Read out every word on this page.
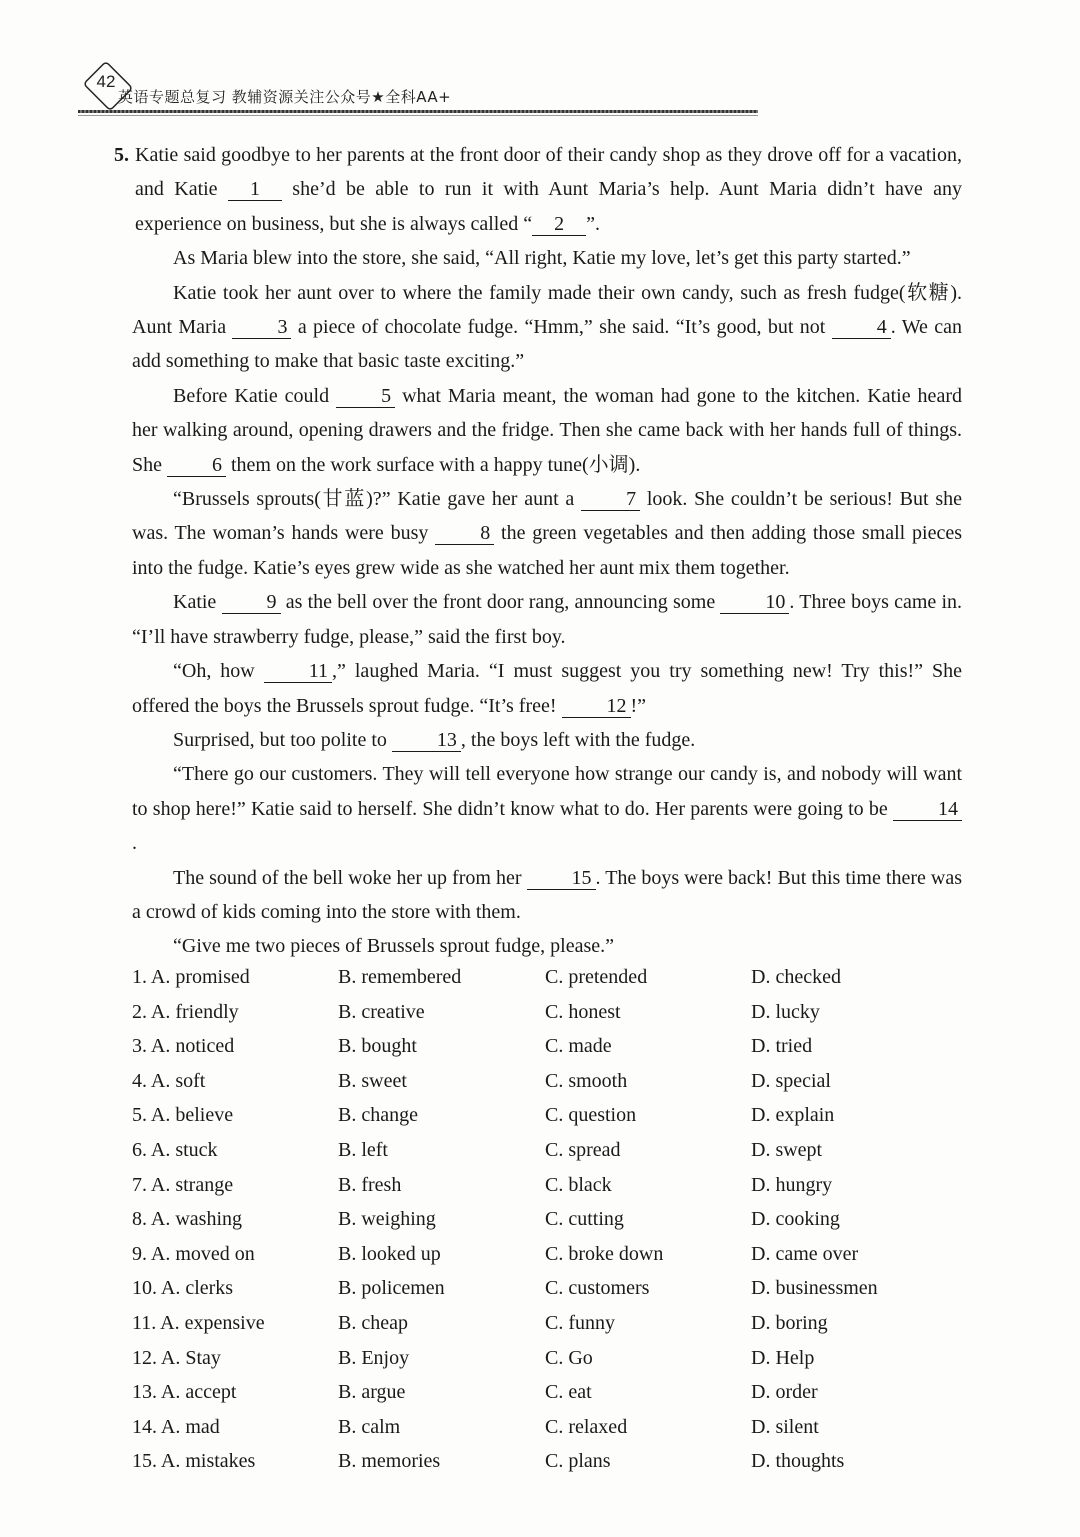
42
英语专题总复习 教辅资源关注公众号★全科AA+
5. Katie said goodbye to her parents at the front door of their candy shop as they drove off for a vacation, and Katie 1 she’d be able to run it with Aunt Maria’s help. Aunt Maria didn’t have any experience on business, but she is always called “ 2 ”.

As Maria blew into the store, she said, “All right, Katie my love, let’s get this party started.”

Katie took her aunt over to where the family made their own candy, such as fresh fudge(软糖). Aunt Maria 3 a piece of chocolate fudge. “Hmm,” she said. “It’s good, but not 4 . We can add something to make that basic taste exciting.”

Before Katie could 5 what Maria meant, the woman had gone to the kitchen. Katie heard her walking around, opening drawers and the fridge. Then she came back with her hands full of things. She 6 them on the work surface with a happy tune(小调).

“Brussels sprouts(甘蓝)?” Katie gave her aunt a 7 look. She couldn’t be serious! But she was. The woman’s hands were busy 8 the green vegetables and then adding those small pieces into the fudge. Katie’s eyes grew wide as she watched her aunt mix them together.

Katie 9 as the bell over the front door rang, announcing some 10 . Three boys came in. “I’ll have strawberry fudge, please,” said the first boy.

“Oh, how 11 ,” laughed Maria. “I must suggest you try something new! Try this!” She offered the boys the Brussels sprout fudge. “It’s free! 12 !”

Surprised, but too polite to 13 , the boys left with the fudge.

“There go our customers. They will tell everyone how strange our candy is, and nobody will want to shop here!” Katie said to herself. She didn’t know what to do. Her parents were going to be 14.

The sound of the bell woke her up from her 15 . The boys were back! But this time there was a crowd of kids coming into the store with them.

“Give me two pieces of Brussels sprout fudge, please.”

1. A. promised	B. remembered	C. pretended	D. checked
2. A. friendly	B. creative	C. honest	D. lucky
3. A. noticed	B. bought	C. made	D. tried
4. A. soft	B. sweet	C. smooth	D. special
5. A. believe	B. change	C. question	D. explain
6. A. stuck	B. left	C. spread	D. swept
7. A. strange	B. fresh	C. black	D. hungry
8. A. washing	B. weighing	C. cutting	D. cooking
9. A. moved on	B. looked up	C. broke down	D. came over
10. A. clerks	B. policemen	C. customers	D. businessmen
11. A. expensive	B. cheap	C. funny	D. boring
12. A. Stay	B. Enjoy	C. Go	D. Help
13. A. accept	B. argue	C. eat	D. order
14. A. mad	B. calm	C. relaxed	D. silent
15. A. mistakes	B. memories	C. plans	D. thoughts
